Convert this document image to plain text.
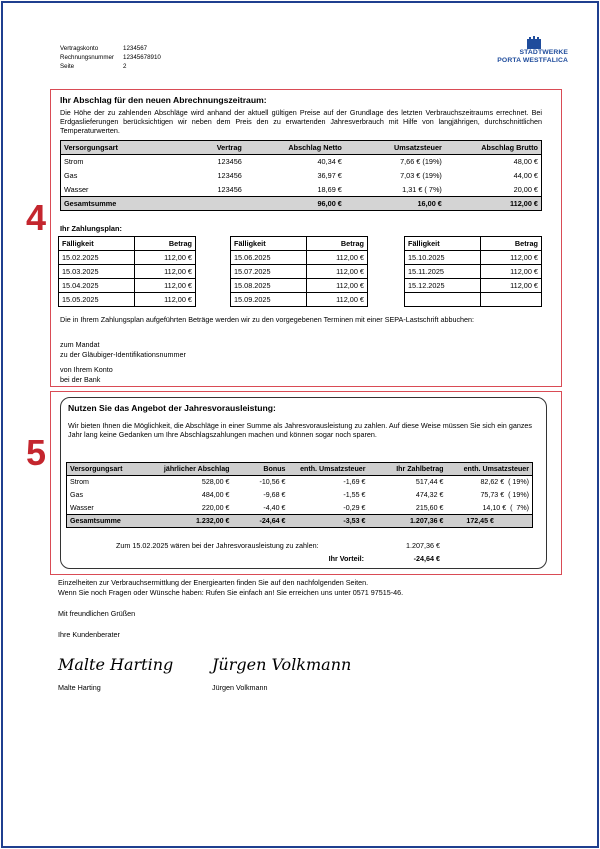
Vertragskonto	1234567
Rechnungsnummer	12345678910
Seite	2
STADTWERKE
PORTA WESTFALICA
4
Ihr Abschlag für den neuen Abrechnungszeitraum:
Die Höhe der zu zahlenden Abschläge wird anhand der aktuell gültigen Preise auf der Grundlage des letzten Verbrauchszeitraums errechnet. Bei Erdgaslieferungen berücksichtigen wir neben dem Preis den zu erwartenden Jahresverbrauch mit Hilfe von langjährigen, durchschnittlichen Temperaturwerten.
Versorgungsart	Vertrag	Abschlag Netto	Umsatzsteuer	Abschlag Brutto
Strom	123456	40,34 €	7,66 € (19%)	48,00 €
Gas	123456	36,97 €	7,03 € (19%)	44,00 €
Wasser	123456	18,69 €	1,31 € ( 7%)	20,00 €
Gesamtsumme		96,00 €	16,00 €	112,00 €
Ihr Zahlungsplan:
Fälligkeit	Betrag
15.02.2025	112,00 €
15.03.2025	112,00 €
15.04.2025	112,00 €
15.05.2025	112,00 €
Fälligkeit	Betrag
15.06.2025	112,00 €
15.07.2025	112,00 €
15.08.2025	112,00 €
15.09.2025	112,00 €
Fälligkeit	Betrag
15.10.2025	112,00 €
15.11.2025	112,00 €
15.12.2025	112,00 €

Die in Ihrem Zahlungsplan aufgeführten Beträge werden wir zu den vorgegebenen Terminen mit einer SEPA-Lastschrift abbuchen:
zum Mandat
zu der Gläubiger-Identifikationsnummer
von Ihrem Konto
bei der Bank
5
Nutzen Sie das Angebot der Jahresvorausleistung:
Wir bieten Ihnen die Möglichkeit, die Abschläge in einer Summe als Jahresvorausleistung zu zahlen. Auf diese Weise müssen Sie sich ein ganzes Jahr lang keine Gedanken um Ihre Abschlagszahlungen machen und können sogar noch sparen.
Versorgungsart	jährlicher Abschlag	Bonus	enth. Umsatzsteuer	Ihr Zahlbetrag	enth. Umsatzsteuer
Strom	528,00 €	-10,56 €	-1,69 €	517,44 €	82,62 €  ( 19%)
Gas	484,00 €	-9,68 €	-1,55 €	474,32 €	75,73 €  ( 19%)
Wasser	220,00 €	-4,40 €	-0,29 €	215,60 €	14,10 €  (  7%)
Gesamtsumme	1.232,00 €	-24,64 €	-3,53 €	1.207,36 €	172,45 €
Zum 15.02.2025 wären bei der Jahresvorausleistung zu zahlen:	1.207,36 €
Ihr Vorteil:	-24,64 €
Einzelheiten zur Verbrauchsermittlung der Energiearten finden Sie auf den nachfolgenden Seiten.
Wenn Sie noch Fragen oder Wünsche haben: Rufen Sie einfach an! Sie erreichen uns unter 0571 97515-46.
Mit freundlichen Grüßen
Ihre Kundenberater
Malte Harting Jürgen Volkmann
Malte Harting	Jürgen Volkmann
